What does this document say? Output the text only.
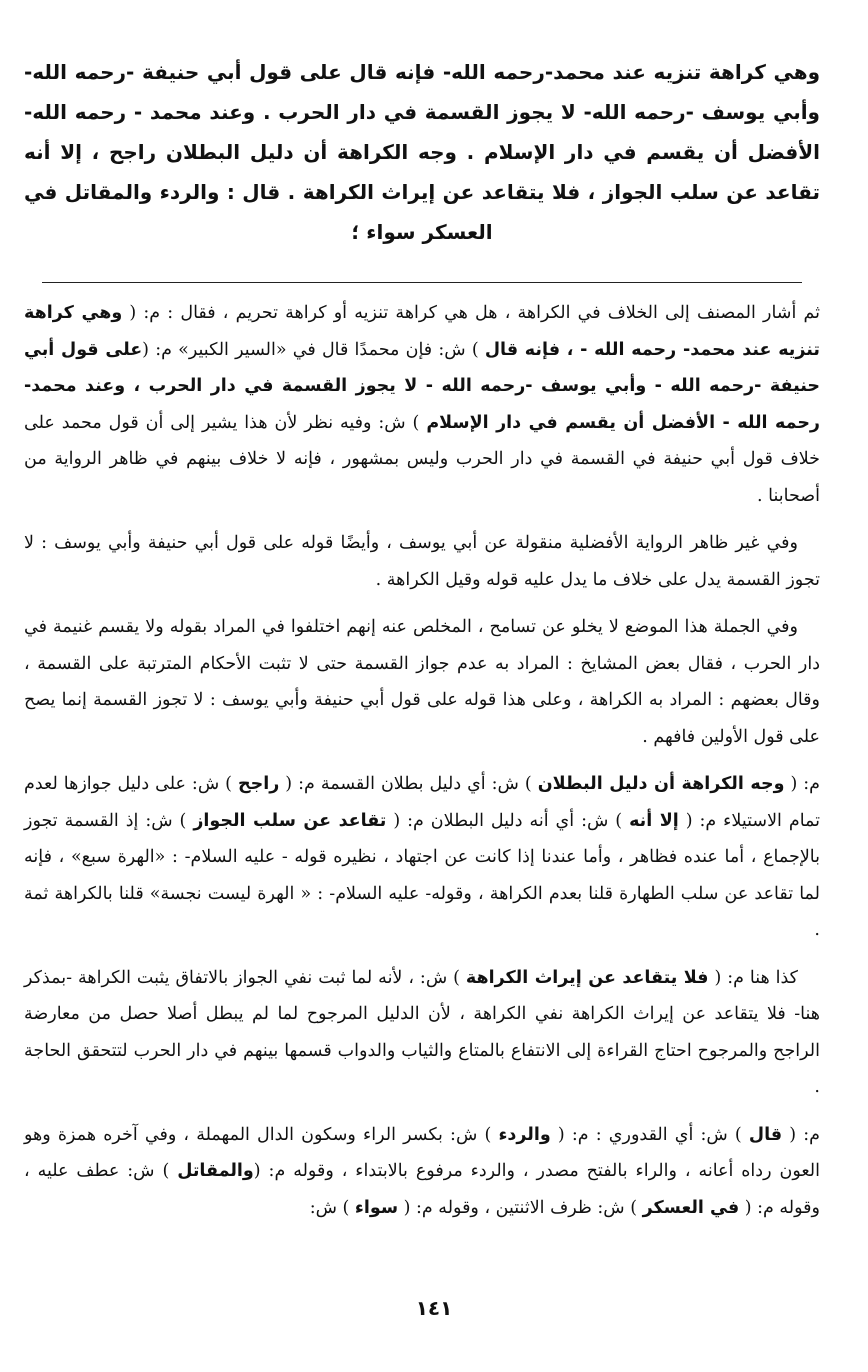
وهي كراهة تنزيه عند محمد-رحمه الله- فإنه قال على قول أبي حنيفة -رحمه الله- وأبي يوسف -رحمه الله- لا يجوز القسمة في دار الحرب . وعند محمد - رحمه الله- الأفضل أن يقسم في دار الإسلام . وجه الكراهة أن دليل البطلان راجح ، إلا أنه تقاعد عن سلب الجواز ، فلا يتقاعد عن إيراث الكراهة . قال : والردء والمقاتل في العسكر سواء ؛

ثم أشار المصنف إلى الخلاف في الكراهة ، هل هي كراهة تنزيه أو كراهة تحريم ، فقال : م: ( وهي كراهة تنزيه عند محمد- رحمه الله - ، فإنه قال ) ش: فإن محمدًا قال في «السير الكبير» م: (على قول أبي حنيفة -رحمه الله - وأبي يوسف -رحمه الله - لا يجوز القسمة في دار الحرب ، وعند محمد- رحمه الله - الأفضل أن يقسم في دار الإسلام ) ش: وفيه نظر لأن هذا يشير إلى أن قول محمد على خلاف قول أبي حنيفة في القسمة في دار الحرب وليس بمشهور ، فإنه لا خلاف بينهم في ظاهر الرواية من أصحابنا .

وفي غير ظاهر الرواية الأفضلية منقولة عن أبي يوسف ، وأيضًا قوله على قول أبي حنيفة وأبي يوسف : لا تجوز القسمة يدل على خلاف ما يدل عليه قوله وقيل الكراهة .

وفي الجملة هذا الموضع لا يخلو عن تسامح ، المخلص عنه إنهم اختلفوا في المراد بقوله ولا يقسم غنيمة في دار الحرب ، فقال بعض المشايخ : المراد به عدم جواز القسمة حتى لا تثبت الأحكام المترتبة على القسمة ، وقال بعضهم : المراد به الكراهة ، وعلى هذا قوله على قول أبي حنيفة وأبي يوسف : لا تجوز القسمة إنما يصح على قول الأولين فافهم .

م: ( وجه الكراهة أن دليل البطلان ) ش: أي دليل بطلان القسمة م: ( راجح ) ش: على دليل جوازها لعدم تمام الاستيلاء م: ( إلا أنه ) ش: أي أنه دليل البطلان م: ( تقاعد عن سلب الجواز ) ش: إذ القسمة تجوز بالإجماع ، أما عنده فظاهر ، وأما عندنا إذا كانت عن اجتهاد ، نظيره قوله - عليه السلام- : «الهرة سبع» ، فإنه لما تقاعد عن سلب الطهارة قلنا بعدم الكراهة ، وقوله- عليه السلام- : « الهرة ليست نجسة» قلنا بالكراهة ثمة .

كذا هنا م: ( فلا يتقاعد عن إيراث الكراهة ) ش: ، لأنه لما ثبت نفي الجواز بالاتفاق يثبت الكراهة -بمذكر هنا- فلا يتقاعد عن إيراث الكراهة نفي الكراهة ، لأن الدليل المرجوح لما لم يبطل أصلا حصل من معارضة الراجح والمرجوح احتاج القراءة إلى الانتفاع بالمتاع والثياب والدواب قسمها بينهم في دار الحرب لتتحقق الحاجة .

م: ( قال ) ش: أي القدوري : م: ( والردء ) ش: بكسر الراء وسكون الدال المهملة ، وفي آخره همزة وهو العون رداه أعانه ، والراء بالفتح مصدر ، والردء مرفوع بالابتداء ، وقوله م: (والمقاتل ) ش: عطف عليه ، وقوله م: ( في العسكر ) ش: ظرف الاثنتين ، وقوله م: ( سواء ) ش:

١٤١
